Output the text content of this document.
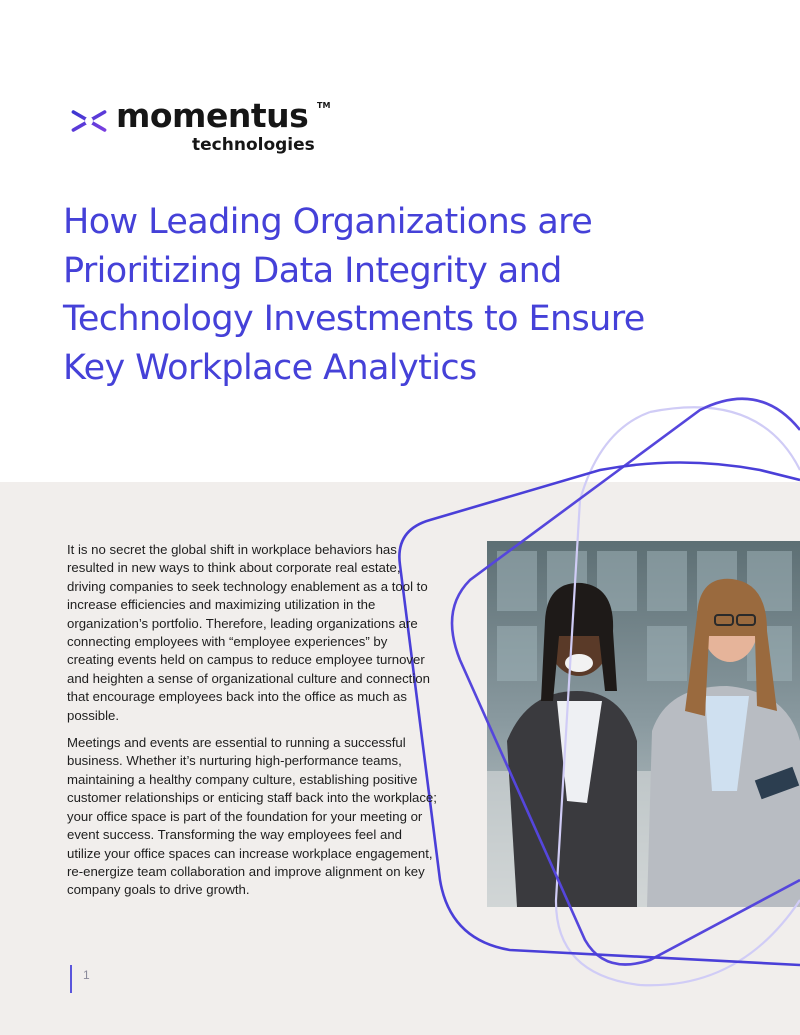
momentus TM
technologies
How Leading Organizations are Prioritizing Data Integrity and Technology Investments to Ensure Key Workplace Analytics

It is no secret the global shift in workplace behaviors has resulted in new ways to think about corporate real estate, driving companies to seek technology enablement as a tool to increase efficiencies and maximizing utilization in the organization’s portfolio. Therefore, leading organizations are connecting employees with “employee experiences” by creating events held on campus to reduce employee turnover and heighten a sense of organizational culture and connection that encourage employees back into the office as much as possible.

Meetings and events are essential to running a successful business. Whether it’s nurturing high-performance teams, maintaining a healthy company culture, establishing positive customer relationships or enticing staff back into the workplace; your office space is part of the foundation for your meeting or event success. Transforming the way employees feel and utilize your office spaces can increase workplace engagement, re-energize team collaboration and improve alignment on key company goals to drive growth.

1
